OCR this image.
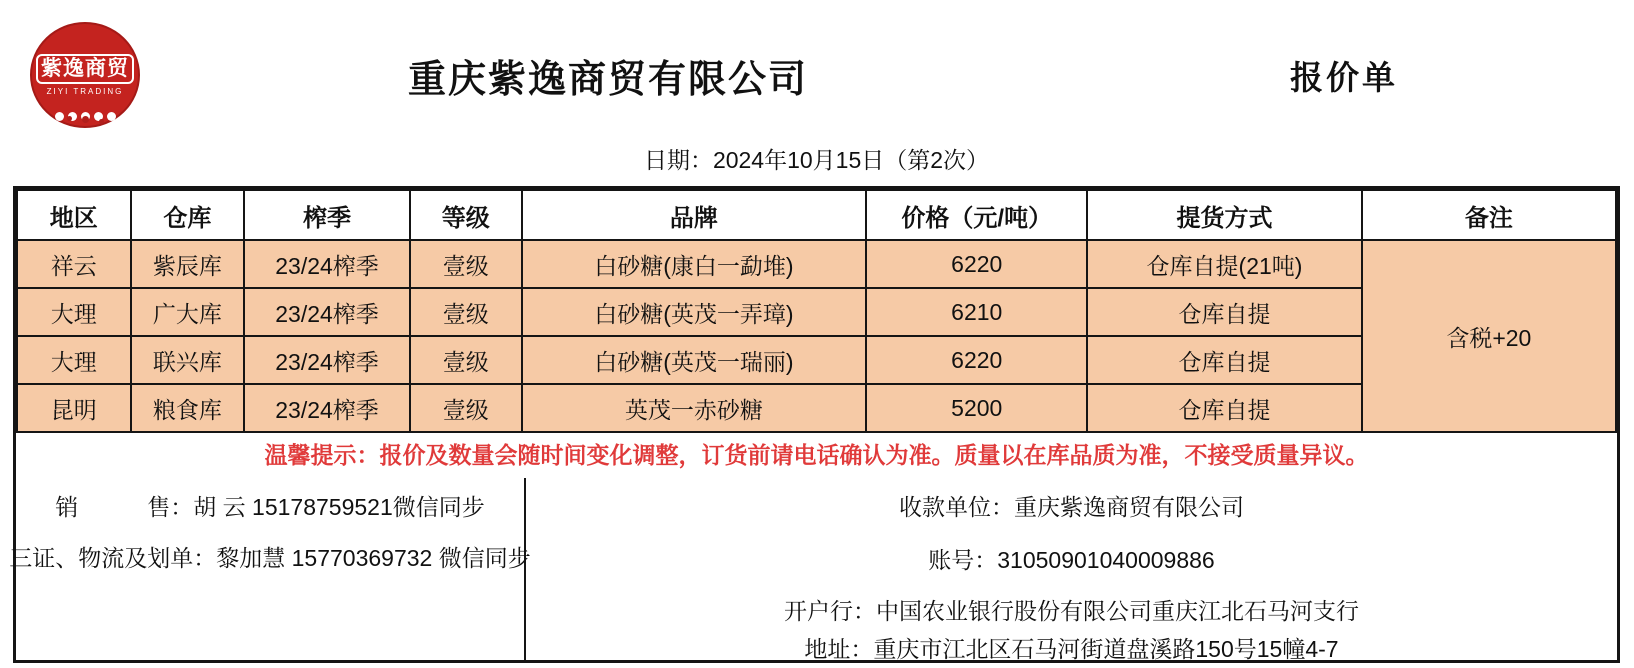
紫逸商贸
ZIYI TRADING	重庆紫逸商贸有限公司	报价单
日期：2024年10月15日（第2次）
地区	仓库	榨季	等级	品牌	价格（元/吨）	提货方式	备注
祥云	紫辰库	23/24榨季	壹级	白砂糖(康白一勐堆)	6220	仓库自提(21吨)	含税+20
大理	广大库	23/24榨季	壹级	白砂糖(英茂一弄璋)	6210	仓库自提	
大理	联兴库	23/24榨季	壹级	白砂糖(英茂一瑞丽)	6220	仓库自提	
昆明	粮食库	23/24榨季	壹级	英茂一赤砂糖	5200	仓库自提	
温馨提示：报价及数量会随时间变化调整，订货前请电话确认为准。质量以在库品质为准，不接受质量异议。
销　　　售：胡 云 15178759521微信同步
三证、物流及划单：黎加慧 15770369732 微信同步
收款单位：重庆紫逸商贸有限公司
账号：31050901040009886
开户行：中国农业银行股份有限公司重庆江北石马河支行
地址：重庆市江北区石马河街道盘溪路150号15幢4-7
